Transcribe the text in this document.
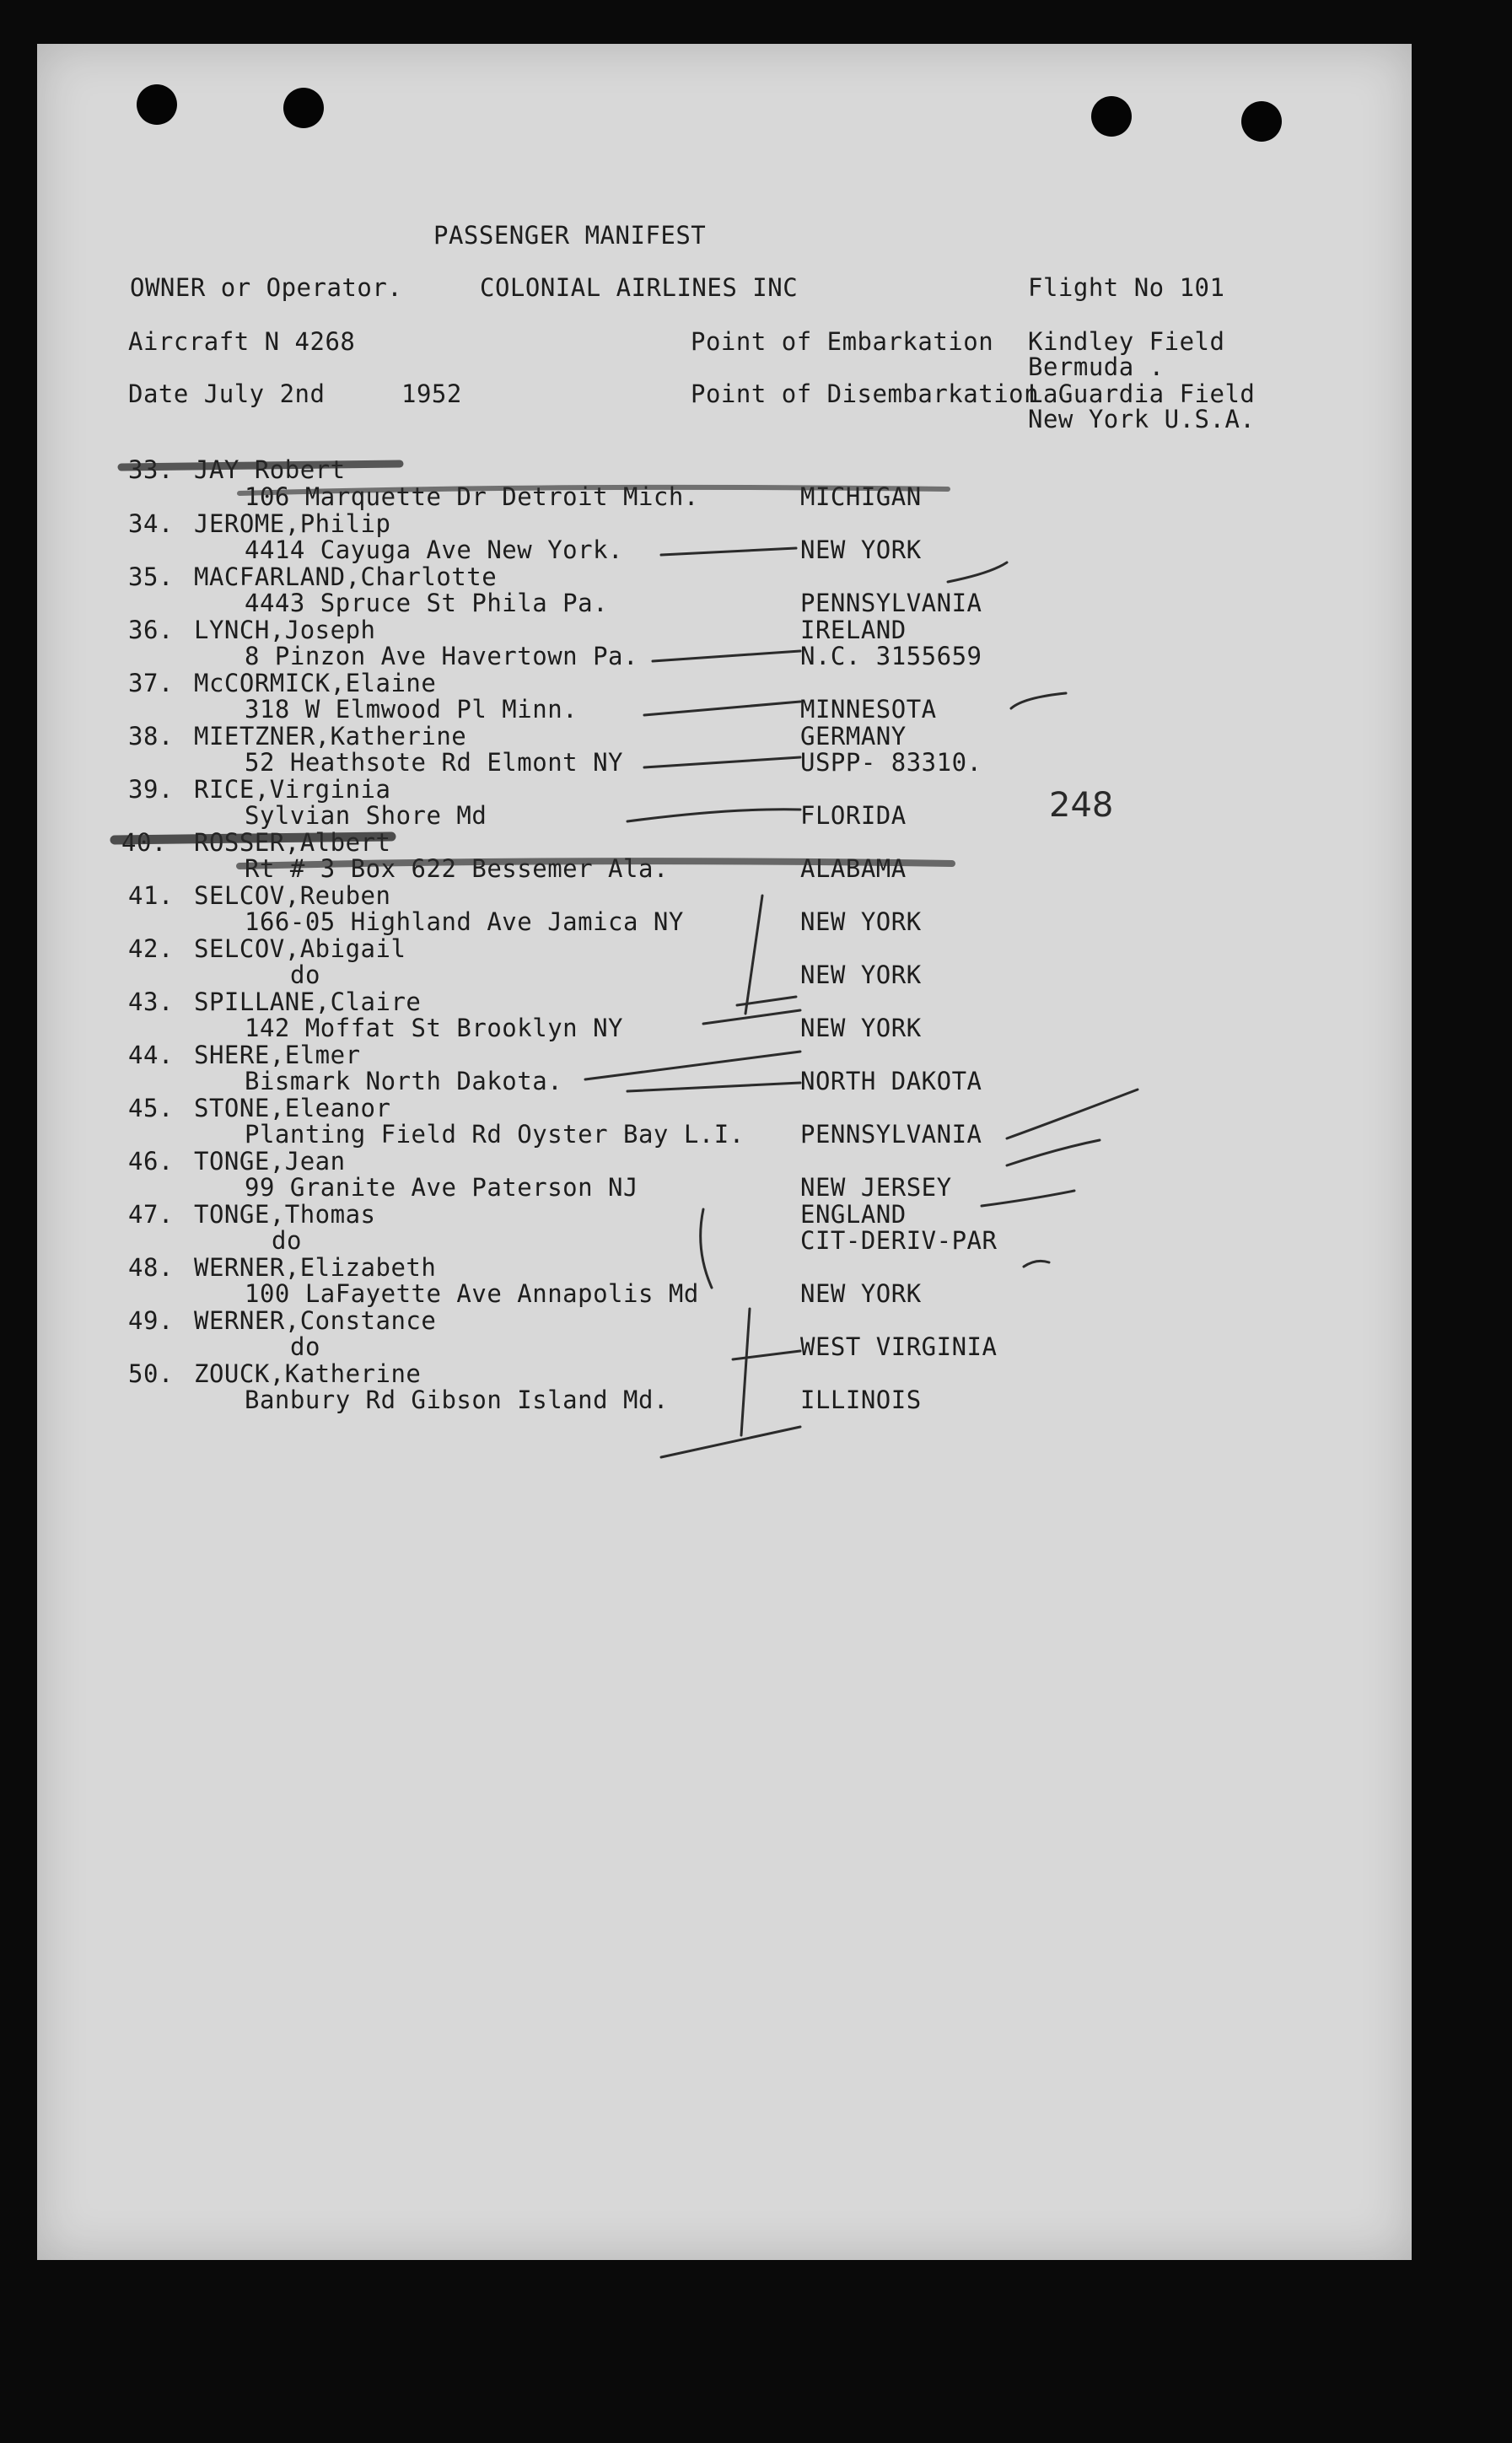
PASSENGER MANIFEST
OWNER or Operator.	COLONIAL AIRLINES INC	Flight No 101
Aircraft N 4268	Point of Embarkation Kindley Field
Bermuda .
Date July 2nd	1952	Point of Disembarkation
LaGuardia Field
New York U.S.A.
33. JAY Robert
106 Marquette Dr Detroit Mich.	MICHIGAN
34. JEROME,Philip
4414 Cayuga Ave New York.	NEW YORK
35. MACFARLAND,Charlotte
4443 Spruce St Phila Pa.	PENNSYLVANIA
36. LYNCH,Joseph	IRELAND
8 Pinzon Ave Havertown Pa.	N.C. 3155659
37. McCORMICK,Elaine
318 W Elmwood Pl Minn.	MINNESOTA
38. MIETZNER,Katherine	GERMANY
52 Heathsote Rd Elmont NY	USPP- 83310.
39. RICE,Virginia
Sylvian Shore Md	FLORIDA	248
40. ROSSER,Albert
Rt # 3 Box 622 Bessemer Ala.	ALABAMA
41. SELCOV,Reuben
166-05 Highland Ave Jamica NY	NEW YORK
42. SELCOV,Abigail
do	NEW YORK
43. SPILLANE,Claire
142 Moffat St Brooklyn NY	NEW YORK
44. SHERE,Elmer
Bismark North Dakota.	NORTH DAKOTA
45. STONE,Eleanor
Planting Field Rd Oyster Bay L.I. PENNSYLVANIA
46. TONGE,Jean
99 Granite Ave Paterson NJ	NEW JERSEY
47. TONGE,Thomas	ENGLAND
do	CIT-DERIV-PAR
48. WERNER,Elizabeth
100 LaFayette Ave Annapolis Md	NEW YORK
49. WERNER,Constance
do	WEST VIRGINIA
50. ZOUCK,Katherine
Banbury Rd Gibson Island Md.	ILLINOIS
